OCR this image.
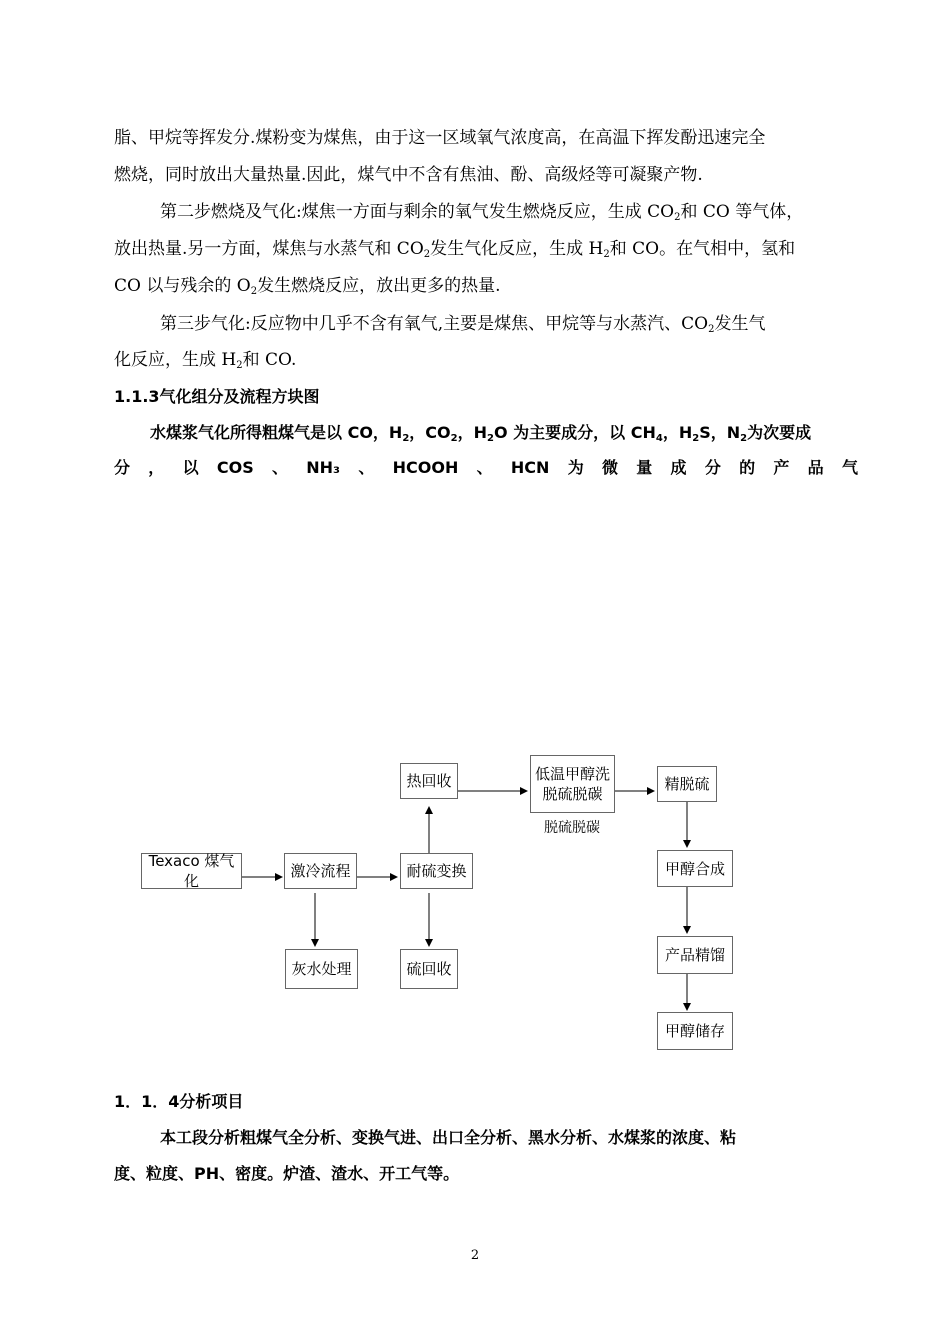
脂、甲烷等挥发分.煤粉变为煤焦，由于这一区域氧气浓度高，在高温下挥发酚迅速完全
燃烧，同时放出大量热量.因此，煤气中不含有焦油、酚、高级烃等可凝聚产物.
第二步燃烧及气化:煤焦一方面与剩余的氧气发生燃烧反应，生成 $CO_2$和 CO 等气体，
放出热量.另一方面，煤焦与水蒸气和 $CO_2$发生气化反应，生成 $H_2$和 CO。在气相中，氢和
CO 以与残余的 $O_2$发生燃烧反应，放出更多的热量.
第三步气化:反应物中几乎不含有氧气,主要是煤焦、甲烷等与水蒸汽、$CO_2$发生气
化反应，生成 $H_2$和 CO.
1.1.3气化组分及流程方块图
水煤浆气化所得粗煤气是以 CO，$H_2$，$CO_2$，$H_2O$ 为主要成分，以 $CH_4$，$H_2S$，$N_2$为次要成
分 ， 以 COS 、 NH₃ 、 HCOOH 、 HCN 为 微 量 成 分 的 产 品 气
Texaco 煤气化
激冷流程	耐硫变换
热回收	低温甲醇洗
脱硫脱碳
脱硫脱碳
精脱硫
甲醇合成
产品精馏
甲醇储存
灰水处理	硫回收
1．1．4分析项目
本工段分析粗煤气全分析、变换气进、出口全分析、黑水分析、水煤浆的浓度、粘
度、粒度、PH、密度。炉渣、渣水、开工气等。
2
